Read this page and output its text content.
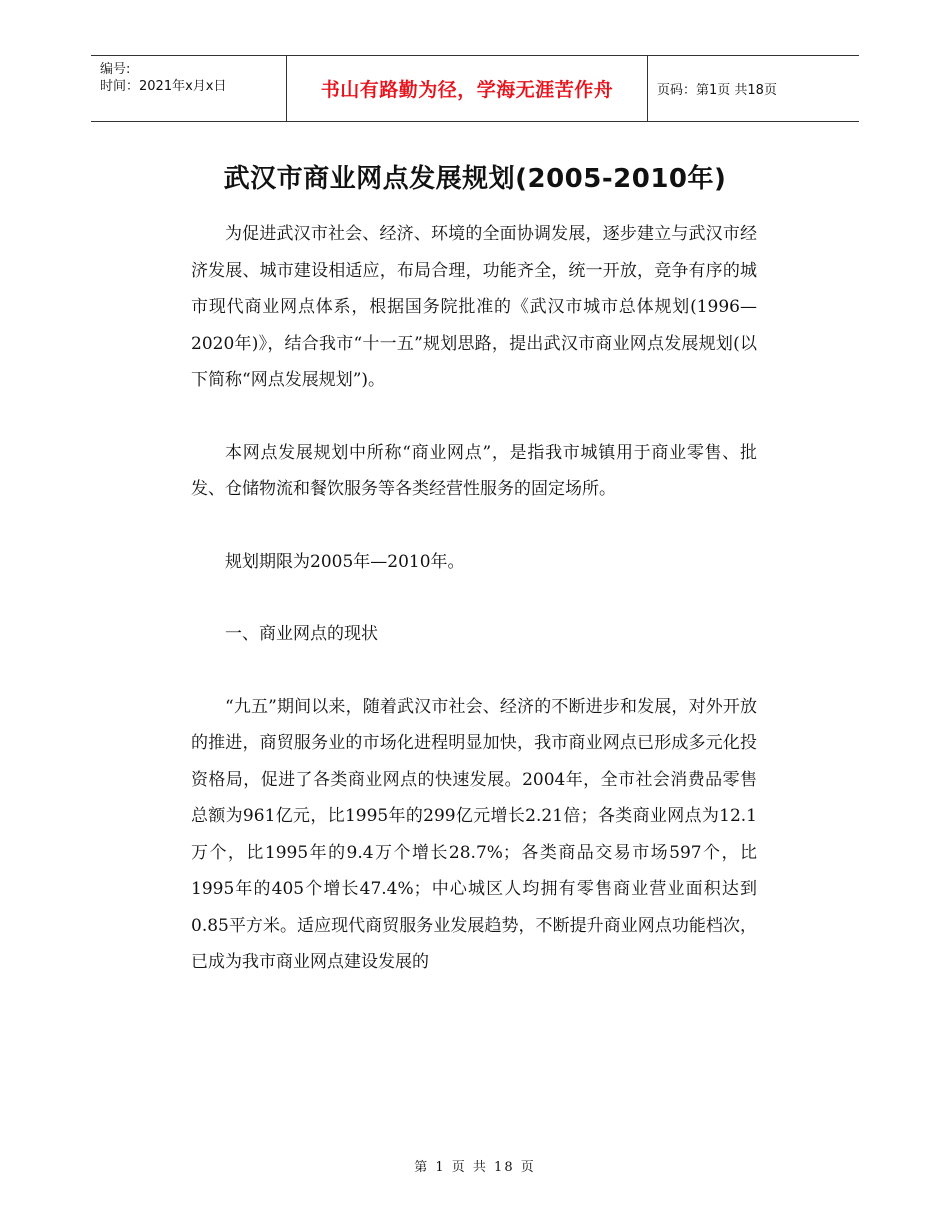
编号:
时间：2021年x月x日	书山有路勤为径，学海无涯苦作舟	页码：第1页 共18页
武汉市商业网点发展规划(2005-2010年)

为促进武汉市社会、经济、环境的全面协调发展，逐步建立与武汉市经济发展、城市建设相适应，布局合理，功能齐全，统一开放，竞争有序的城市现代商业网点体系，根据国务院批准的《武汉市城市总体规划(1996—2020年)》，结合我市“十一五”规划思路，提出武汉市商业网点发展规划(以下简称“网点发展规划”)。

本网点发展规划中所称“商业网点”，是指我市城镇用于商业零售、批发、仓储物流和餐饮服务等各类经营性服务的固定场所。

规划期限为2005年—2010年。

一、商业网点的现状

“九五”期间以来，随着武汉市社会、经济的不断进步和发展，对外开放的推进，商贸服务业的市场化进程明显加快，我市商业网点已形成多元化投资格局，促进了各类商业网点的快速发展。2004年，全市社会消费品零售总额为961亿元，比1995年的299亿元增长2.21倍；各类商业网点为12.1万个，比1995年的9.4万个增长28.7%；各类商品交易市场597个，比1995年的405个增长47.4%；中心城区人均拥有零售商业营业面积达到0.85平方米。适应现代商贸服务业发展趋势，不断提升商业网点功能档次，已成为我市商业网点建设发展的

第 1 页 共 18 页
